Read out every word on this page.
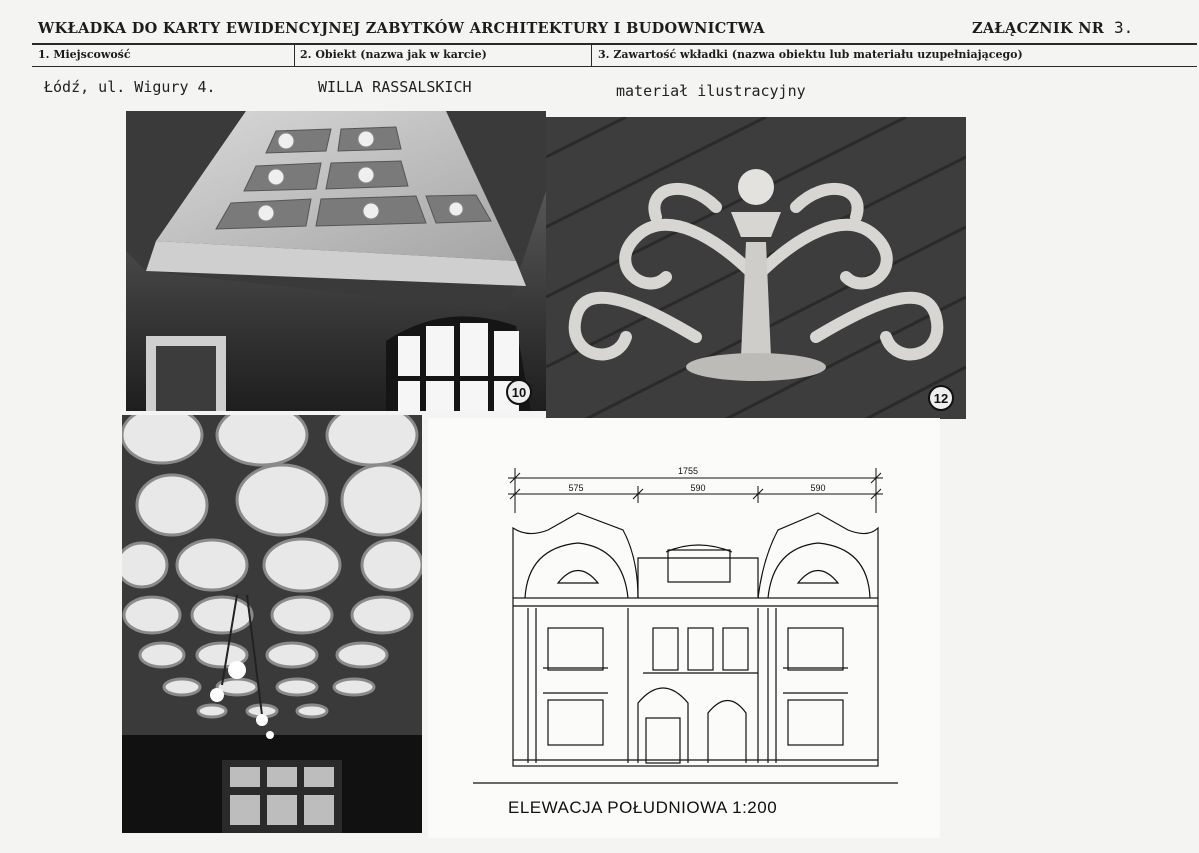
WKŁADKA DO KARTY EWIDENCYJNEJ ZABYTKÓW ARCHITEKTURY I BUDOWNICTWA	ZAŁĄCZNIK NR 3.
1. Miejscowość	2. Obiekt (nazwa jak w karcie)	3. Zawartość wkładki (nazwa obiektu lub materiału uzupełniającego)
Łódź, ul. Wigury 4.	WILLA RASSALSKICH	materiał ilustracyjny
10	12
1755
575	590	590
ELEWACJA POŁUDNIOWA 1:200
